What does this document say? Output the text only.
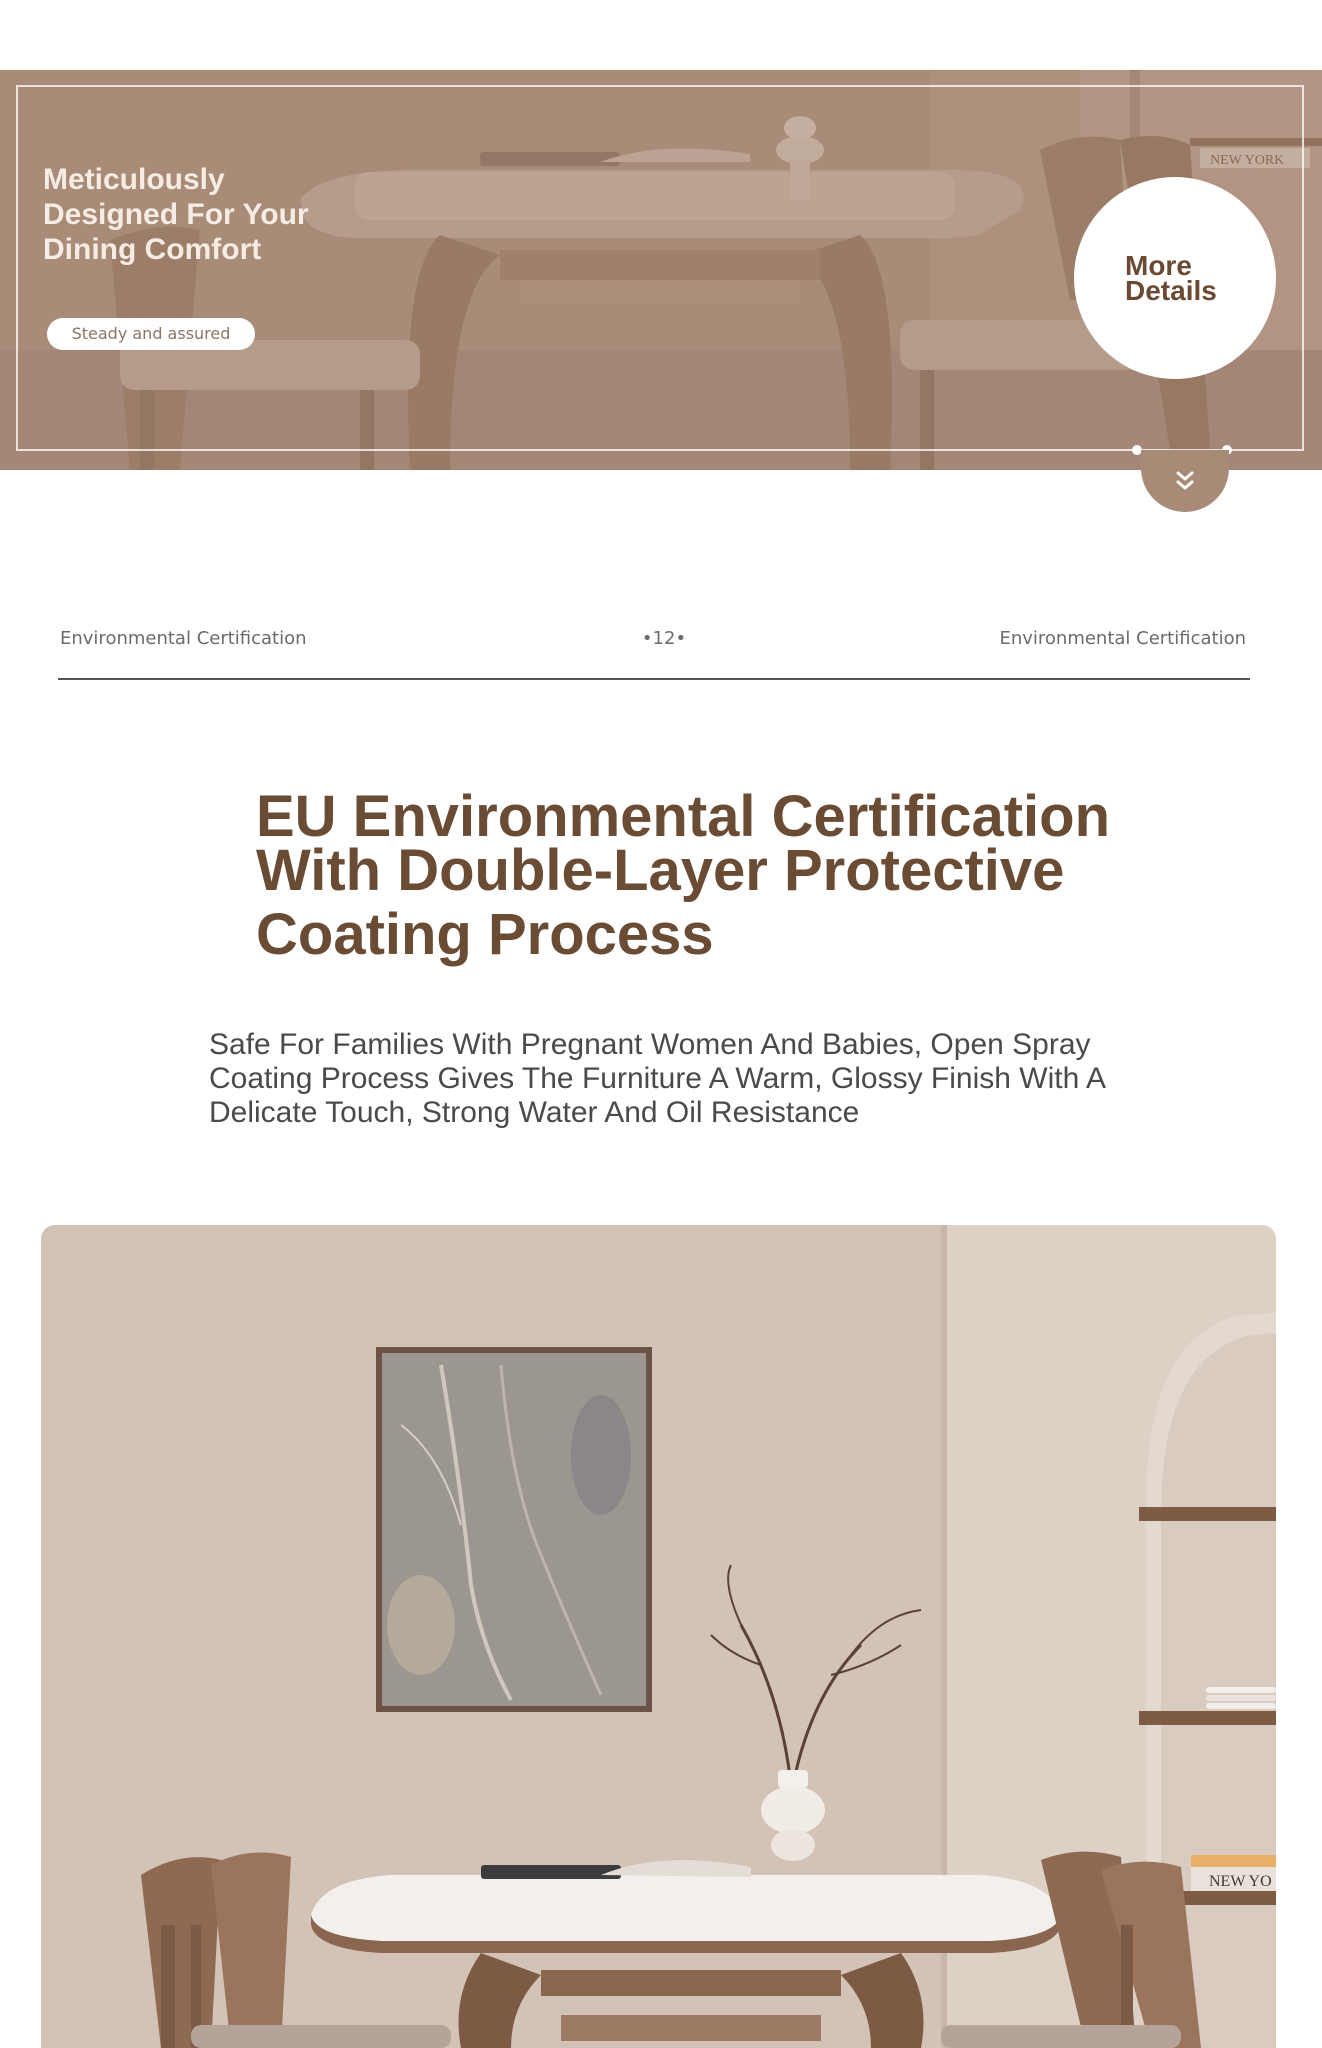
NEW YORK
Meticulously
Designed For Your
Dining Comfort
Steady and assured
More
Details
Environmental Certification	•12•	Environmental Certification
EU Environmental Certification
With Double-Layer Protective
Coating Process
Safe For Families With Pregnant Women And Babies, Open Spray Coating Process Gives The Furniture A Warm, Glossy Finish With A Delicate Touch, Strong Water And Oil Resistance
NEW YO
